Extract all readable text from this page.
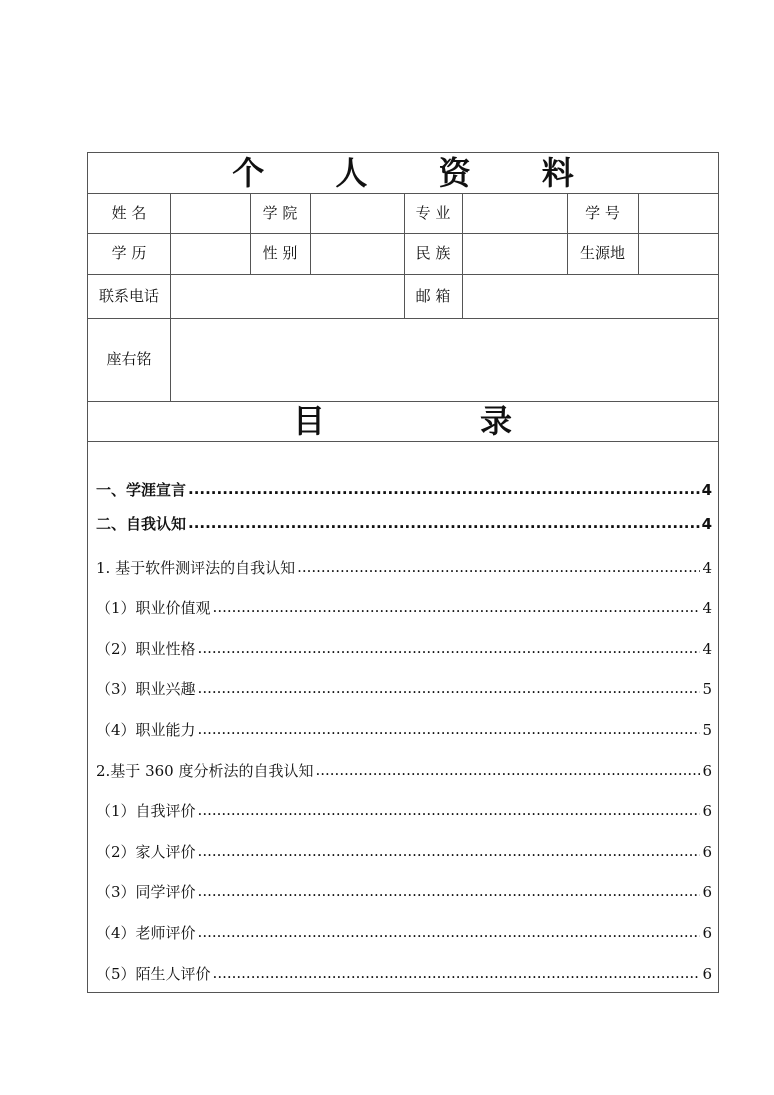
个 人 资 料
姓 名	学 院	专 业	学 号
学 历	性 别	民 族	生源地
联系电话	邮 箱
座右铭
目	录
一、学涯宣言 .....	4
二、自我认知 .....	4
1. 基于软件测评法的自我认知 .....	4
（1）职业价值观 .....	4
（2）职业性格 .....	4
（3）职业兴趣 .....	5
（4）职业能力 .....	5
2.基于 360 度分析法的自我认知 .....	6
（1）自我评价 .....	6
（2）家人评价 .....	6
（3）同学评价 .....	6
（4）老师评价 .....	6
（5）陌生人评价 .....	6
